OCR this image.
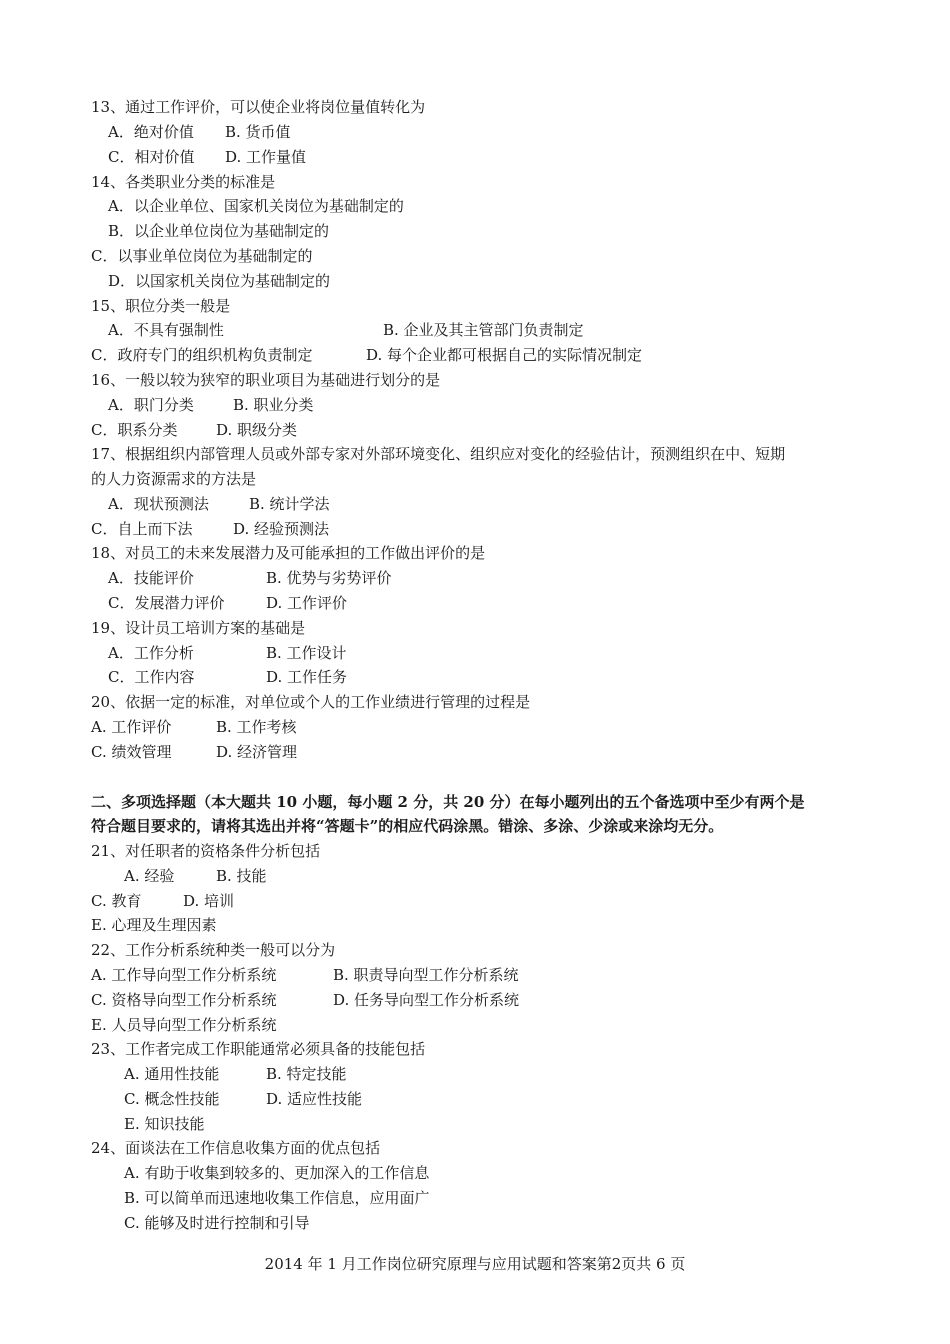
13、通过工作评价，可以使企业将岗位量值转化为
A．绝对价值 B. 货币值
C．相对价值 D. 工作量值
14、各类职业分类的标准是
A．以企业单位、国家机关岗位为基础制定的
B．以企业单位岗位为基础制定的
C．以事业单位岗位为基础制定的
D．以国家机关岗位为基础制定的
15、职位分类一般是
A．不具有强制性	B. 企业及其主管部门负责制定
C．政府专门的组织机构负责制定	D. 每个企业都可根据自己的实际情况制定
16、一般以较为狭窄的职业项目为基础进行划分的是
A．职门分类	B. 职业分类
C．职系分类	D. 职级分类
17、根据组织内部管理人员或外部专家对外部环境变化、组织应对变化的经验估计，预测组织在中、短期
的人力资源需求的方法是
A．现状预测法	B. 统计学法
C．自上而下法	D. 经验预测法
18、对员工的未来发展潜力及可能承担的工作做出评价的是
A．技能评价	B. 优势与劣势评价
C．发展潜力评价	D. 工作评价
19、设计员工培训方案的基础是
A．工作分析	B. 工作设计
C．工作内容	D. 工作任务
20、依据一定的标准，对单位或个人的工作业绩进行管理的过程是
A. 工作评价	B. 工作考核
C. 绩效管理	D. 经济管理
二、多项选择题（本大题共 10 小题，每小题 2 分，共 20 分）在每小题列出的五个备选项中至少有两个是
符合题目要求的，请将其选出并将“答题卡”的相应代码涂黑。错涂、多涂、少涂或来涂均无分。
21、对任职者的资格条件分析包括
A. 经验	B. 技能
C. 教育	D. 培训
E. 心理及生理因素
22、工作分析系统种类一般可以分为
A. 工作导向型工作分析系统	B. 职责导向型工作分析系统
C. 资格导向型工作分析系统	D. 任务导向型工作分析系统
E. 人员导向型工作分析系统
23、工作者完成工作职能通常必须具备的技能包括
A. 通用性技能	B. 特定技能
C. 概念性技能	D. 适应性技能
E. 知识技能
24、面谈法在工作信息收集方面的优点包括
A. 有助于收集到较多的、更加深入的工作信息
B. 可以简单而迅速地收集工作信息，应用面广
C. 能够及时进行控制和引导
2014 年 1 月工作岗位研究原理与应用试题和答案第2页共 6 页
